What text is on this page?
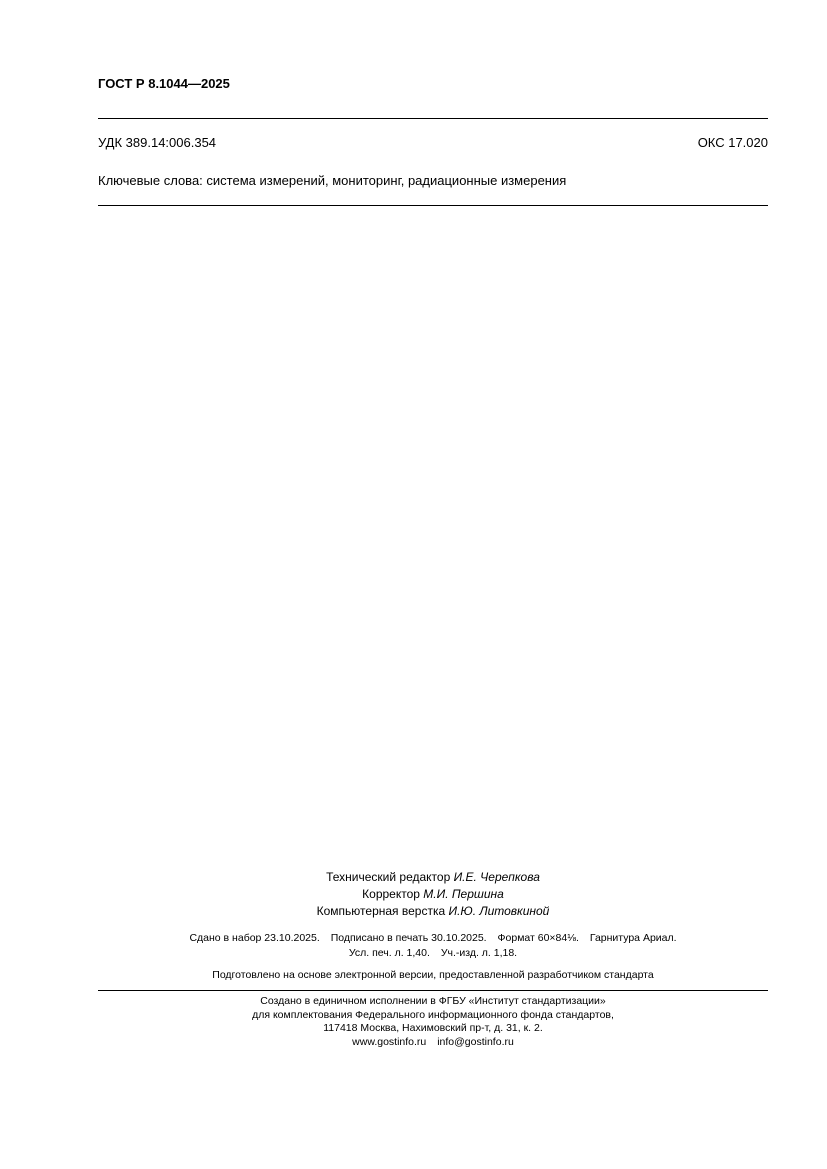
ГОСТ Р 8.1044—2025
УДК 389.14:006.354	ОКС 17.020
Ключевые слова: система измерений, мониторинг, радиационные измерения
Технический редактор И.Е. Черепкова
Корректор М.И. Першина
Компьютерная верстка И.Ю. Литовкиной
Сдано в набор 23.10.2025. Подписано в печать 30.10.2025. Формат 60×84⅛. Гарнитура Ариал.
Усл. печ. л. 1,40. Уч.-изд. л. 1,18.
Подготовлено на основе электронной версии, предоставленной разработчиком стандарта
Создано в единичном исполнении в ФГБУ «Институт стандартизации»
для комплектования Федерального информационного фонда стандартов,
117418 Москва, Нахимовский пр-т, д. 31, к. 2.
www.gostinfo.ru info@gostinfo.ru
